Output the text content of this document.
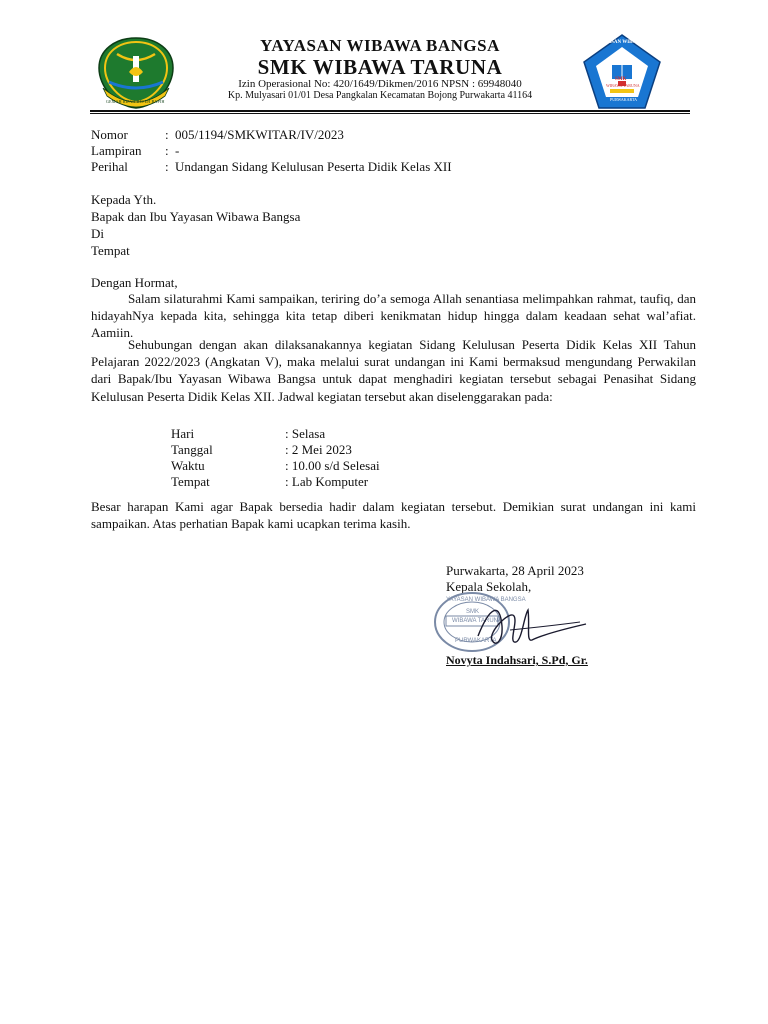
GEMAH RIPAH REPEH RAPIH
YAYASAN WIBAWA BANGSA
SMK WIBAWA TARUNA
Izin Operasional No: 420/1649/Dikmen/2016 NPSN : 69948040
Kp. Mulyasari 01/01 Desa Pangkalan Kecamatan Bojong Purwakarta 41164
YAYASAN WIBAWA BANGSA
SMK
WIBAWA TARUNA
PURWAKARTA
Nomor	: 005/1194/SMKWITAR/IV/2023
Lampiran : -
Perihal	: Undangan Sidang Kelulusan Peserta Didik Kelas XII
Kepada Yth.
Bapak dan Ibu Yayasan Wibawa Bangsa
Di
Tempat
Dengan Hormat,
Salam silaturahmi Kami sampaikan, teriring do’a semoga Allah senantiasa melimpahkan rahmat, taufiq, dan hidayahNya kepada kita, sehingga kita tetap diberi kenikmatan hidup hingga dalam keadaan sehat wal’afiat. Aamiin.
Sehubungan dengan akan dilaksanakannya kegiatan Sidang Kelulusan Peserta Didik Kelas XII Tahun Pelajaran 2022/2023 (Angkatan V), maka melalui surat undangan ini Kami bermaksud mengundang Perwakilan dari Bapak/Ibu Yayasan Wibawa Bangsa untuk dapat menghadiri kegiatan tersebut sebagai Penasihat Sidang Kelulusan Peserta Didik Kelas XII. Jadwal kegiatan tersebut akan diselenggarakan pada:
Hari	: Selasa
Tanggal	: 2 Mei 2023
Waktu	: 10.00 s/d Selesai
Tempat	: Lab Komputer
Besar harapan Kami agar Bapak bersedia hadir dalam kegiatan tersebut. Demikian surat undangan ini kami sampaikan. Atas perhatian Bapak kami ucapkan terima kasih.
Purwakarta, 28 April 2023
Kepala Sekolah,
YAYASAN WIBAWA BANGSA
SMK
WIBAWA TARUNA
PURWAKARTA
Novyta Indahsari, S.Pd, Gr.
